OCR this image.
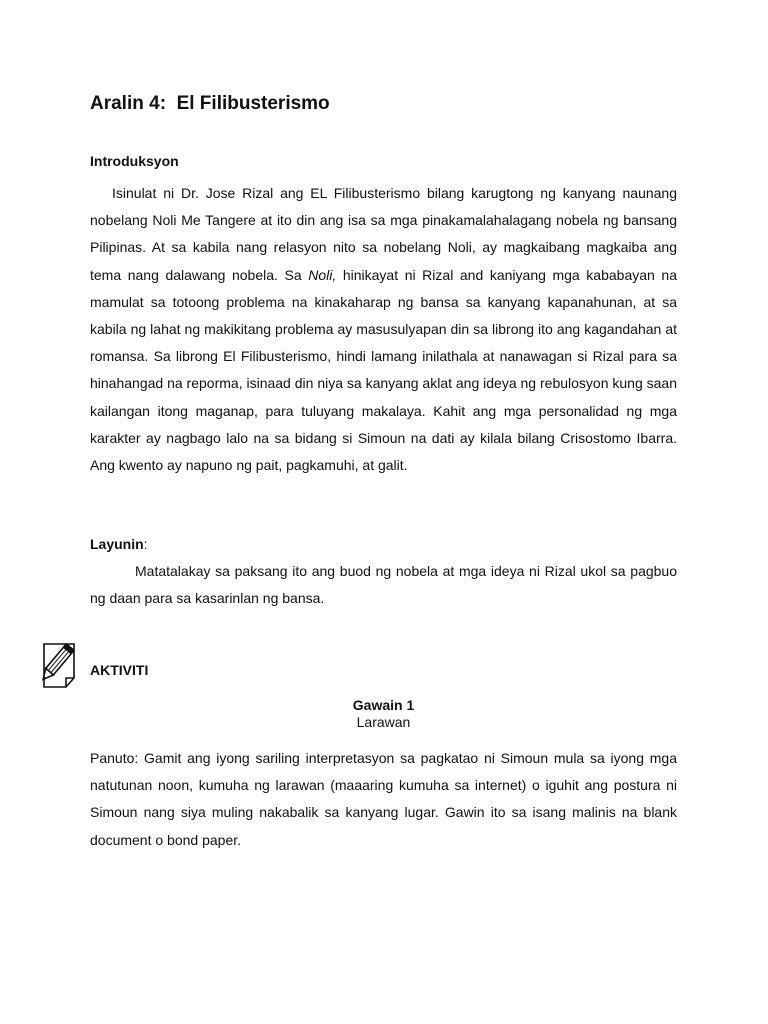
Aralin 4:  El Filibusterismo
Introduksyon

Isinulat ni Dr. Jose Rizal ang EL Filibusterismo bilang karugtong ng kanyang naunang nobelang Noli Me Tangere at ito din ang isa sa mga pinakamalahalagang nobela ng bansang Pilipinas. At sa kabila nang relasyon nito sa nobelang Noli, ay magkaibang magkaiba ang tema nang dalawang nobela. Sa Noli, hinikayat ni Rizal and kaniyang mga kababayan na mamulat sa totoong problema na kinakaharap ng bansa sa kanyang kapanahunan, at sa kabila ng lahat ng makikitang problema ay masusulyapan din sa librong ito ang kagandahan at romansa. Sa librong El Filibusterismo, hindi lamang inilathala at nanawagan si Rizal para sa hinahangad na reporma, isinaad din niya sa kanyang aklat ang ideya ng rebulosyon kung saan kailangan itong maganap, para tuluyang makalaya. Kahit ang mga personalidad ng mga karakter ay nagbago lalo na sa bidang si Simoun na dati ay kilala bilang Crisostomo Ibarra. Ang kwento ay napuno ng pait, pagkamuhi, at galit.

Layunin:

Matatalakay sa paksang ito ang buod ng nobela at mga ideya ni Rizal ukol sa pagbuo ng daan para sa kasarinlan ng bansa.

AKTIVITI
Gawain 1
Larawan

Panuto: Gamit ang iyong sariling interpretasyon sa pagkatao ni Simoun mula sa iyong mga natutunan noon, kumuha ng larawan (maaaring kumuha sa internet) o iguhit ang postura ni Simoun nang siya muling nakabalik sa kanyang lugar. Gawin ito sa isang malinis na blank document o bond paper.
